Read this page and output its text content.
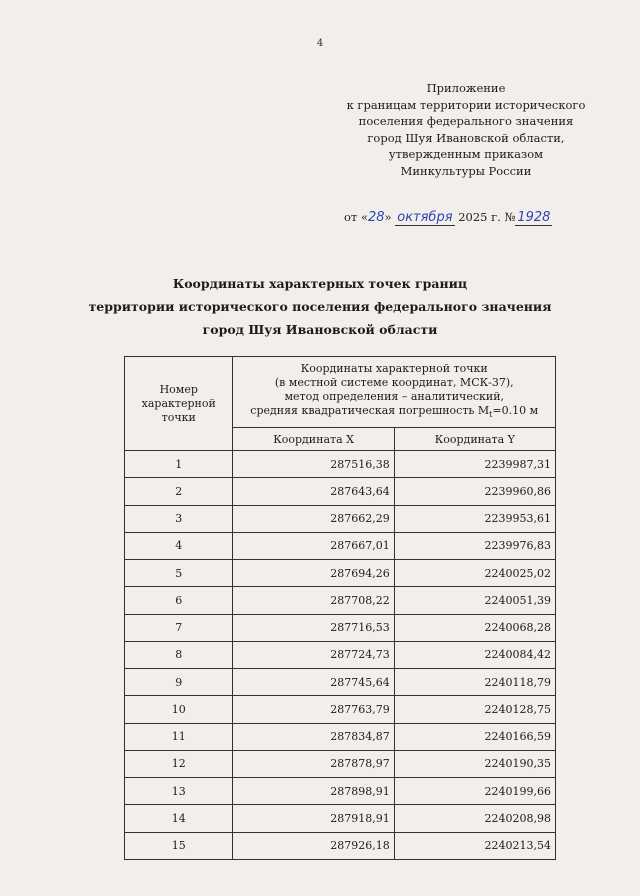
4
Приложение
к границам территории исторического
поселения федерального значения
город Шуя Ивановской области,
утвержденным приказом
Минкультуры России
от «28» октября 2025 г. № 1928
Координаты характерных точек границ
территории исторического поселения федерального значения
город Шуя Ивановской области
Номер характерной точки	Координаты характерной точки
(в местной системе координат, МСК-37),
метод определения – аналитический,
средняя квадратическая погрешность $M_t=0.10$ м	

	Координата X	Координата Y
1	287516,38	2239987,31
2	287643,64	2239960,86
3	287662,29	2239953,61
4	287667,01	2239976,83
5	287694,26	2240025,02
6	287708,22	2240051,39
7	287716,53	2240068,28
8	287724,73	2240084,42
9	287745,64	2240118,79
10	287763,79	2240128,75
11	287834,87	2240166,59
12	287878,97	2240190,35
13	287898,91	2240199,66
14	287918,91	2240208,98
15	287926,18	2240213,54
